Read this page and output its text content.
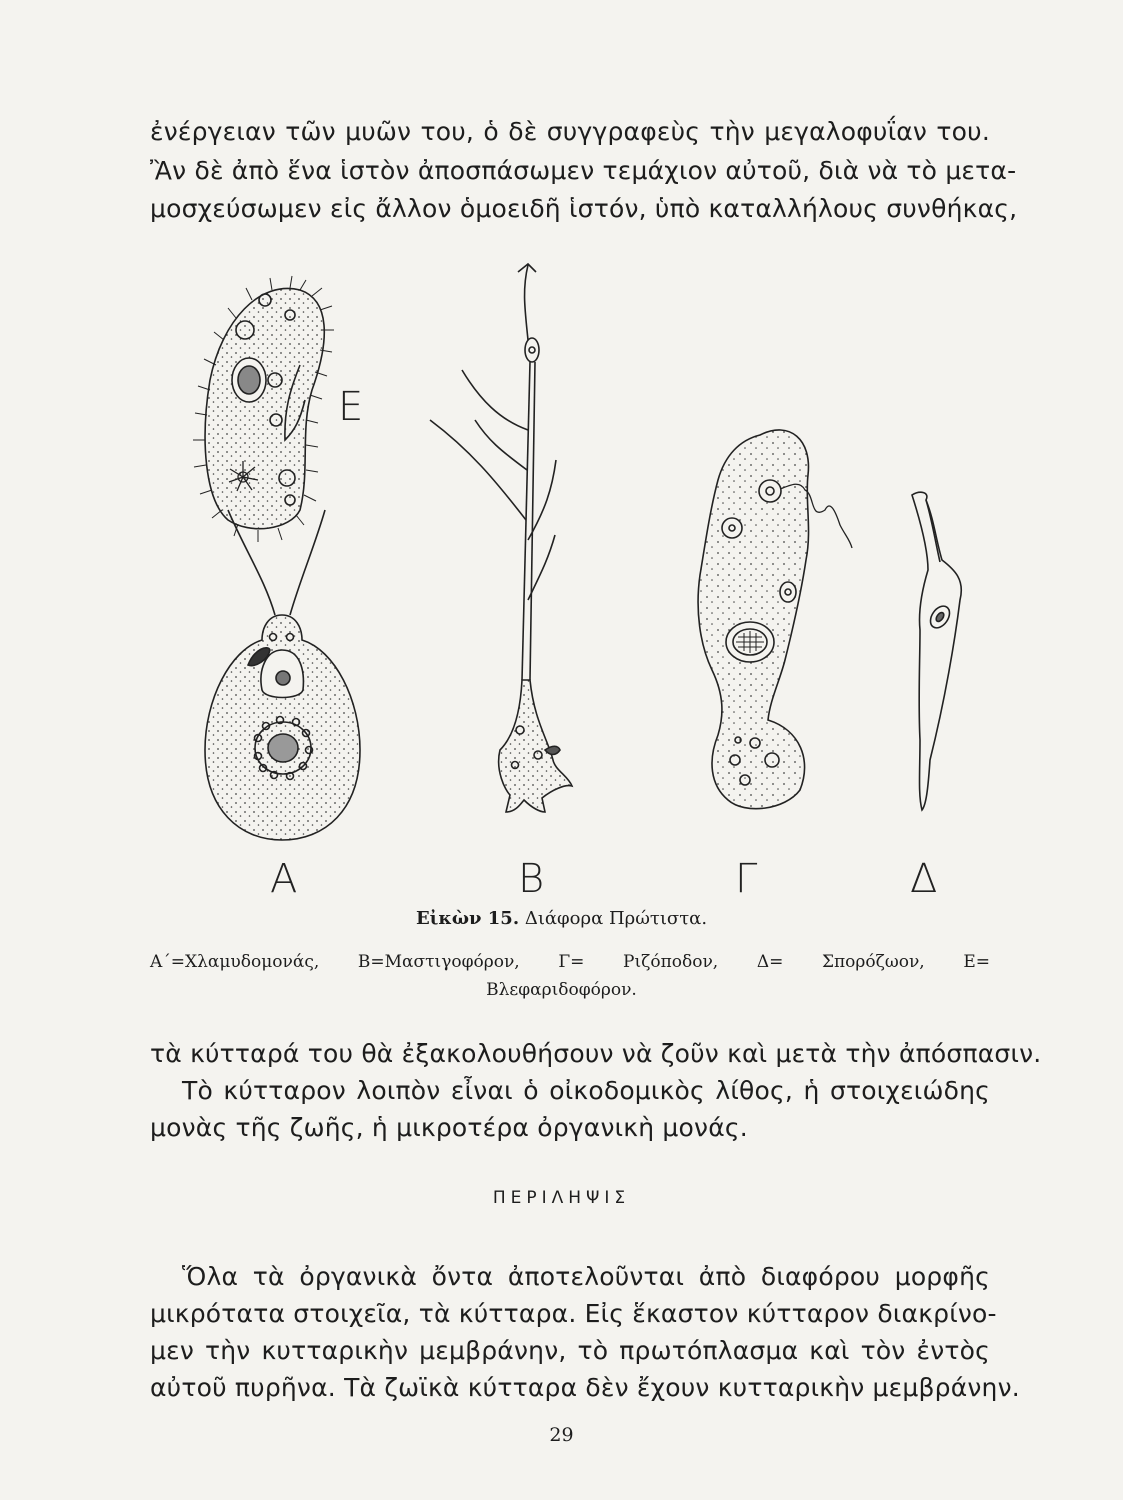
ἐνέργειαν τῶν μυῶν του, ὁ δὲ συγγραφεὺς τὴν μεγαλοφυΐαν του.
Ἂν δὲ ἀπὸ ἕνα ἱστὸν ἀποσπάσωμεν τεμάχιον αὐτοῦ, διὰ νὰ τὸ μετα-
μοσχεύσωμεν εἰς ἄλλον ὁμοειδῆ ἱστόν, ὑπὸ καταλλήλους συνθήκας,
Ε
Α	Β	Γ	Δ
Εἰκὼν 15. Διάφορα Πρώτιστα.
Α΄=Χλαμυδομονάς, Β=Μαστιγοφόρον, Γ= Ριζόποδον, Δ= Σπορόζωον, Ε=
Βλεφαριδοφόρον.
τὰ κύτταρά του θὰ ἐξακολουθήσουν νὰ ζοῦν καὶ μετὰ τὴν ἀπόσπασιν.
Τὸ κύτταρον λοιπὸν εἶναι ὁ οἰκοδομικὸς λίθος, ἡ στοιχειώδης
μονὰς τῆς ζωῆς, ἡ μικροτέρα ὀργανικὴ μονάς.
ΠΕΡΙΛΗΨΙΣ
Ὅλα τὰ ὀργανικὰ ὄντα ἀποτελοῦνται ἀπὸ διαφόρου μορφῆς
μικρότατα στοιχεῖα, τὰ κύτταρα. Εἰς ἕκαστον κύτταρον διακρίνο-
μεν τὴν κυτταρικὴν μεμβράνην, τὸ πρωτόπλασμα καὶ τὸν ἐντὸς
αὐτοῦ πυρῆνα. Τὰ ζωϊκὰ κύτταρα δὲν ἔχουν κυτταρικὴν μεμβράνην.
29
